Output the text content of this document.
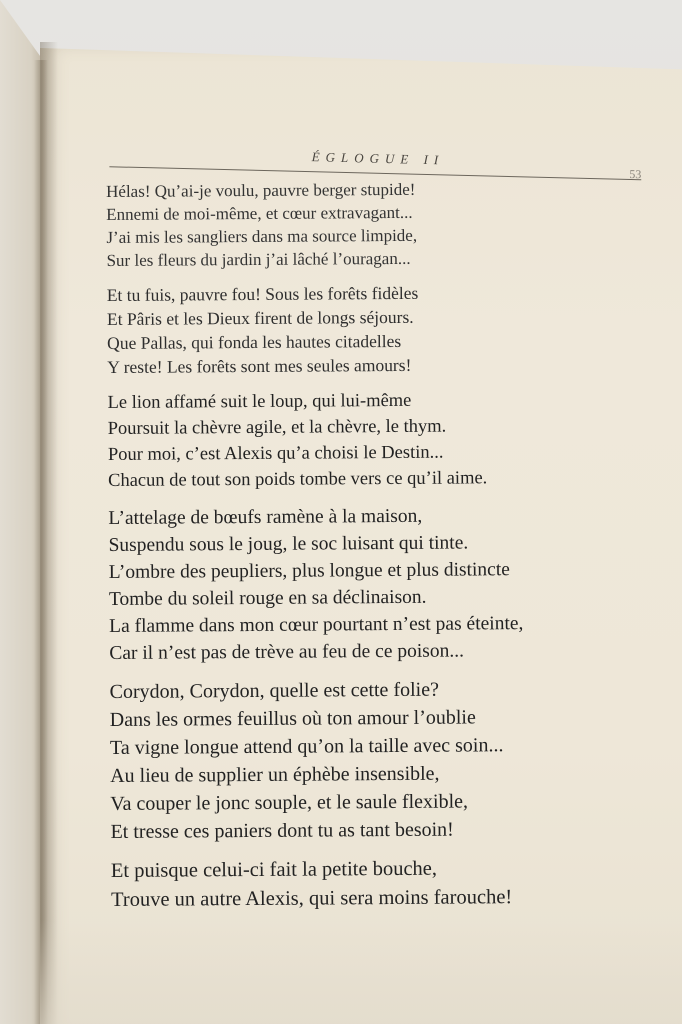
ÉGLOGUE II
53
Hélas! Qu’ai-je voulu, pauvre berger stupide!
Ennemi de moi-même, et cœur extravagant...
J’ai mis les sangliers dans ma source limpide,
Sur les fleurs du jardin j’ai lâché l’ouragan...
Et tu fuis, pauvre fou! Sous les forêts fidèles
Et Pâris et les Dieux firent de longs séjours.
Que Pallas, qui fonda les hautes citadelles
Y reste! Les forêts sont mes seules amours!
Le lion affamé suit le loup, qui lui-même
Poursuit la chèvre agile, et la chèvre, le thym.
Pour moi, c’est Alexis qu’a choisi le Destin...
Chacun de tout son poids tombe vers ce qu’il aime.
L’attelage de bœufs ramène à la maison,
Suspendu sous le joug, le soc luisant qui tinte.
L’ombre des peupliers, plus longue et plus distincte
Tombe du soleil rouge en sa déclinaison.
La flamme dans mon cœur pourtant n’est pas éteinte,
Car il n’est pas de trève au feu de ce poison...
Corydon, Corydon, quelle est cette folie?
Dans les ormes feuillus où ton amour l’oublie
Ta vigne longue attend qu’on la taille avec soin...
Au lieu de supplier un éphèbe insensible,
Va couper le jonc souple, et le saule flexible,
Et tresse ces paniers dont tu as tant besoin!
Et puisque celui-ci fait la petite bouche,
Trouve un autre Alexis, qui sera moins farouche!
